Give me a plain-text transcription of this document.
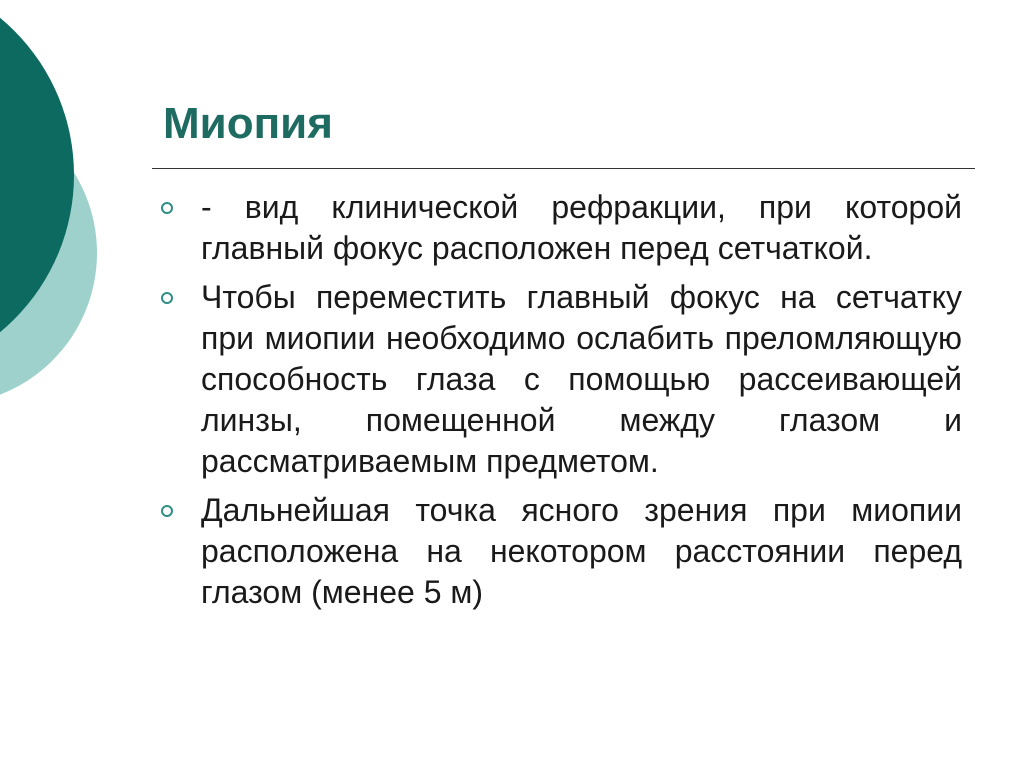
Миопия
- вид клинической рефракции, при которой главный фокус расположен перед сетчаткой.
Чтобы переместить главный фокус на сетчатку при миопии необходимо ослабить преломляющую способность глаза с помощью рассеивающей линзы, помещенной между глазом и рассматриваемым предметом.
Дальнейшая точка ясного зрения при миопии расположена на некотором расстоянии перед глазом (менее 5 м)
